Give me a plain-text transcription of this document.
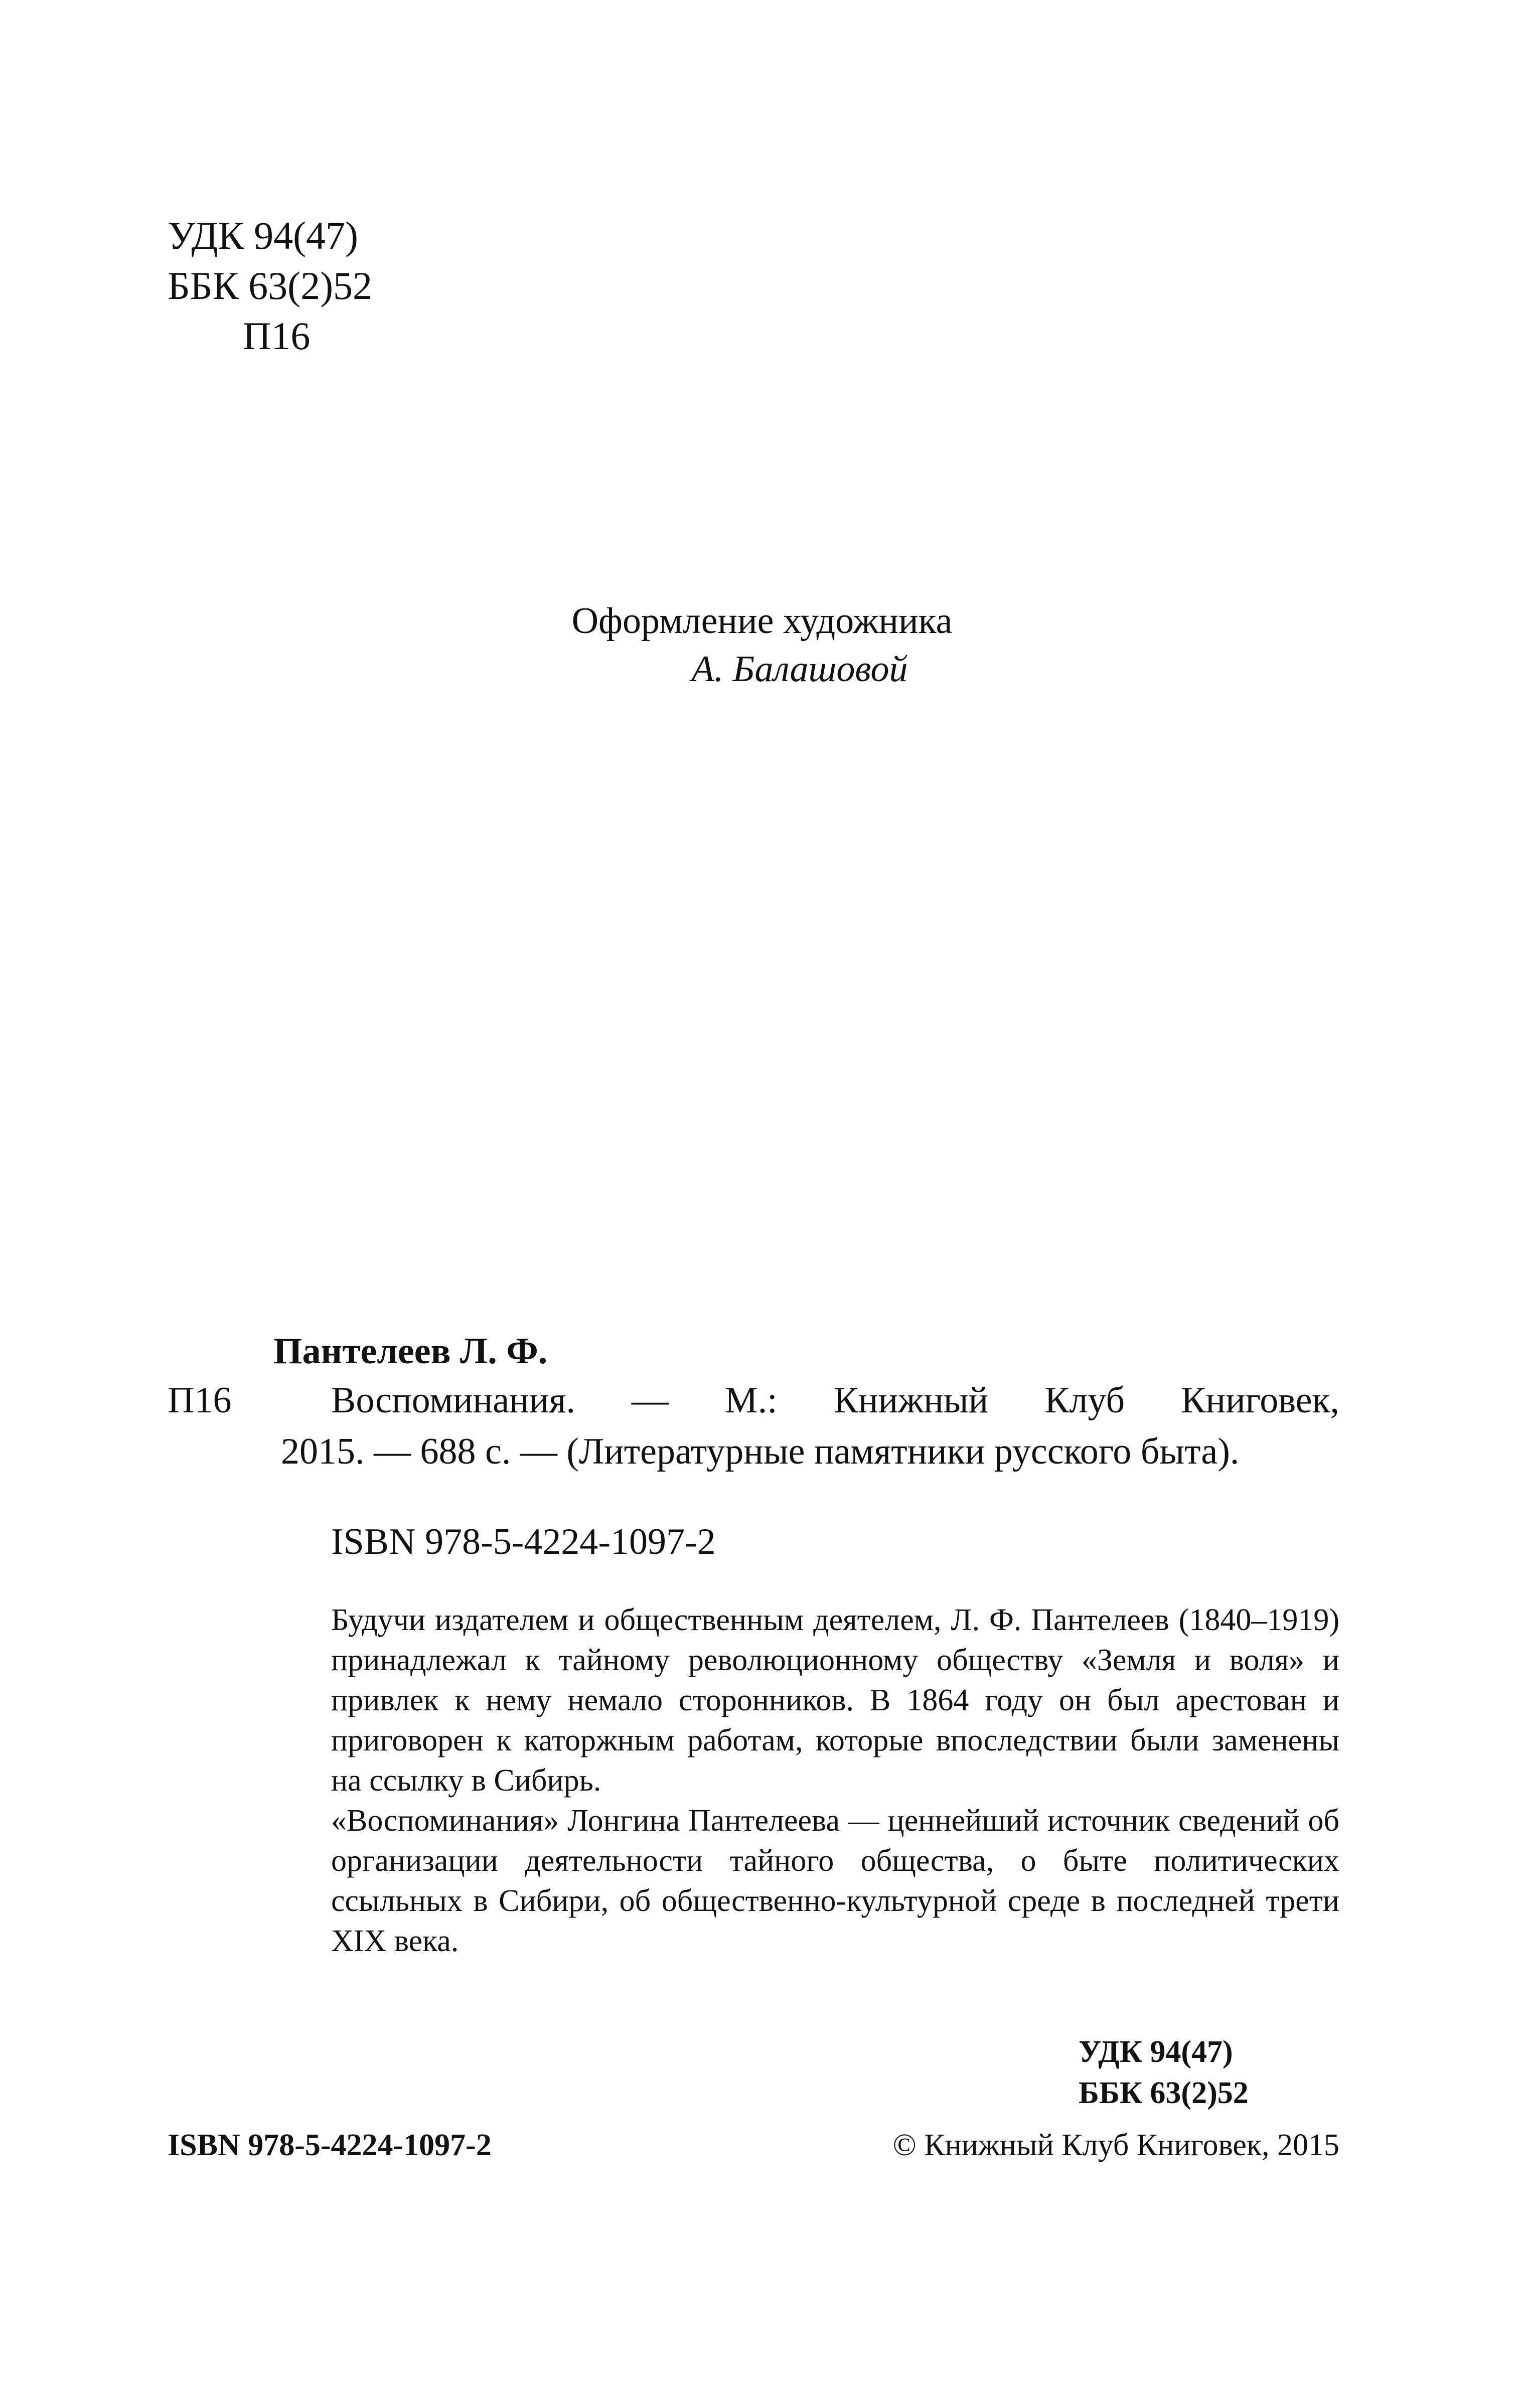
УДК 94(47)
ББК 63(2)52
П16
Оформление художника
А. Балашовой
Пантелеев Л. Ф.
П16	Воспоминания. — М.: Книжный Клуб Книговек,
2015. — 688 с. — (Литературные памятники русского быта).
ISBN 978-5-4224-1097-2

Будучи издателем и общественным деятелем, Л. Ф. Пантелеев (1840–1919) принадлежал к тайному революционному обществу «Земля и воля» и привлек к нему немало сторонников. В 1864 году он был арестован и приговорен к каторжным работам, которые впоследствии были заменены на ссылку в Сибирь.

«Воспоминания» Лонгина Пантелеева — ценнейший источник сведений об организации деятельности тайного общества, о быте политических ссыльных в Сибири, об общественно-культурной среде в последней трети XIX века.

УДК 94(47)
ББК 63(2)52
ISBN 978-5-4224-1097-2	© Книжный Клуб Книговек, 2015
